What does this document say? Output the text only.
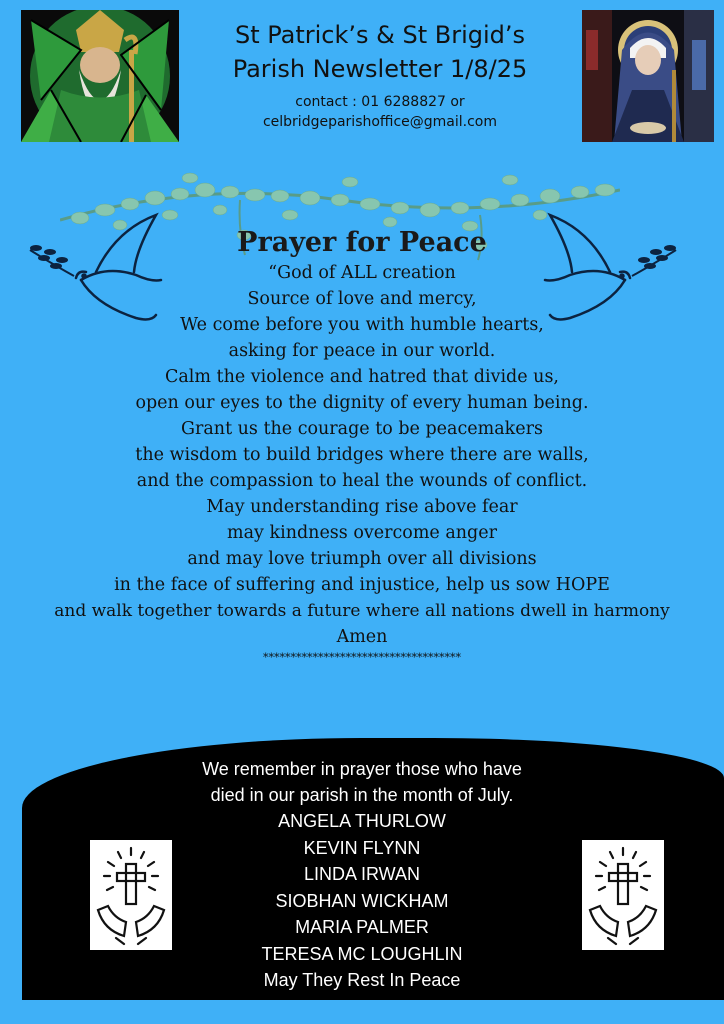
St Patrick’s & St Brigid’s
Parish Newsletter 1/8/25
contact : 01 6288827 or
celbridgeparishoffice@gmail.com
Prayer for Peace
“God of ALL creation
Source of love and mercy,
We come before you with humble hearts,
asking for peace in our world.
Calm the violence and hatred that divide us,
open our eyes to the dignity of every human being.
Grant us the courage to be peacemakers
the wisdom to build bridges where there are walls,
and the compassion to heal the wounds of conflict.
May understanding rise above fear
may kindness overcome anger
and may love triumph over all divisions
in the face of suffering and injustice, help us sow HOPE
and walk together towards a future where all nations dwell in harmony
Amen
************************************
We remember in prayer those who have
died in our parish in the month of July.
ANGELA THURLOW
KEVIN FLYNN
LINDA IRWAN
SIOBHAN WICKHAM
MARIA PALMER
TERESA MC LOUGHLIN
May They Rest In Peace
